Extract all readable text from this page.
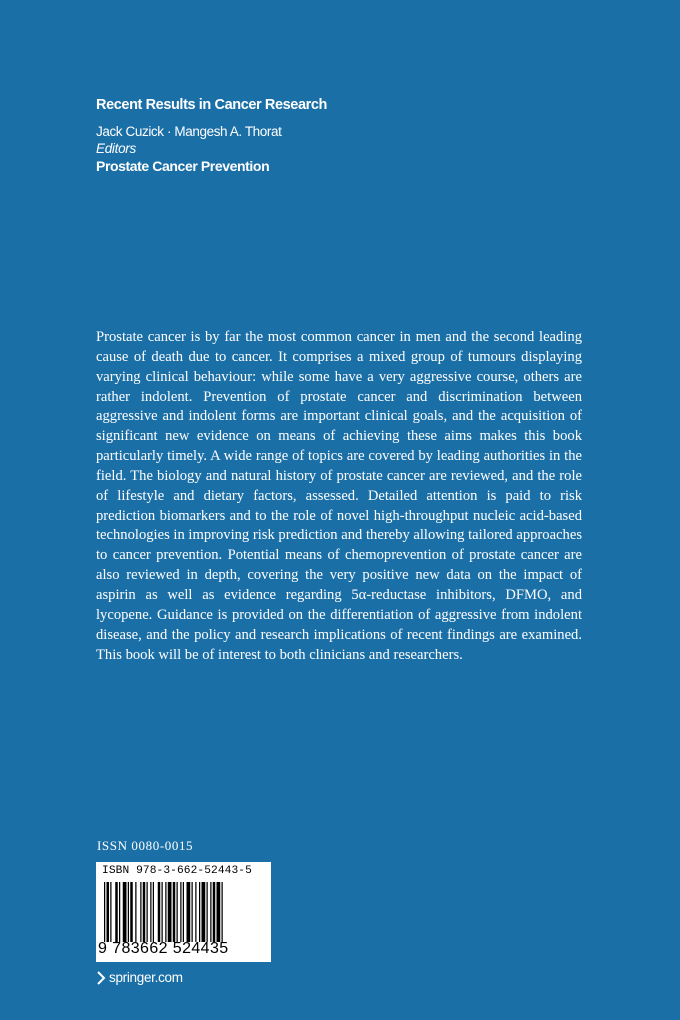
Recent Results in Cancer Research

Jack Cuzick · Mangesh A. Thorat

Editors

Prostate Cancer Prevention

Prostate cancer is by far the most common cancer in men and the second leading cause of death due to cancer. It comprises a mixed group of tumours displaying varying clinical behaviour: while some have a very aggressive course, others are rather indolent. Prevention of prostate cancer and discrimination between aggressive and indolent forms are important clinical goals, and the acquisition of significant new evidence on means of achieving these aims makes this book particularly timely. A wide range of topics are covered by leading authorities in the field. The biology and natural history of prostate cancer are reviewed, and the role of lifestyle and dietary factors, assessed. Detailed attention is paid to risk prediction biomarkers and to the role of novel high-throughput nucleic acid-based technologies in improving risk prediction and thereby allowing tailored approaches to cancer prevention. Potential means of chemoprevention of prostate cancer are also reviewed in depth, covering the very positive new data on the impact of aspirin as well as evidence regarding 5α-reductase inhibitors, DFMO, and lycopene. Guidance is provided on the differentiation of aggressive from indolent disease, and the policy and research implications of recent findings are examined. This book will be of interest to both clinicians and researchers.

ISSN 0080-0015

ISBN 978-3-662-52443-5

9 783662 524435

springer.com
